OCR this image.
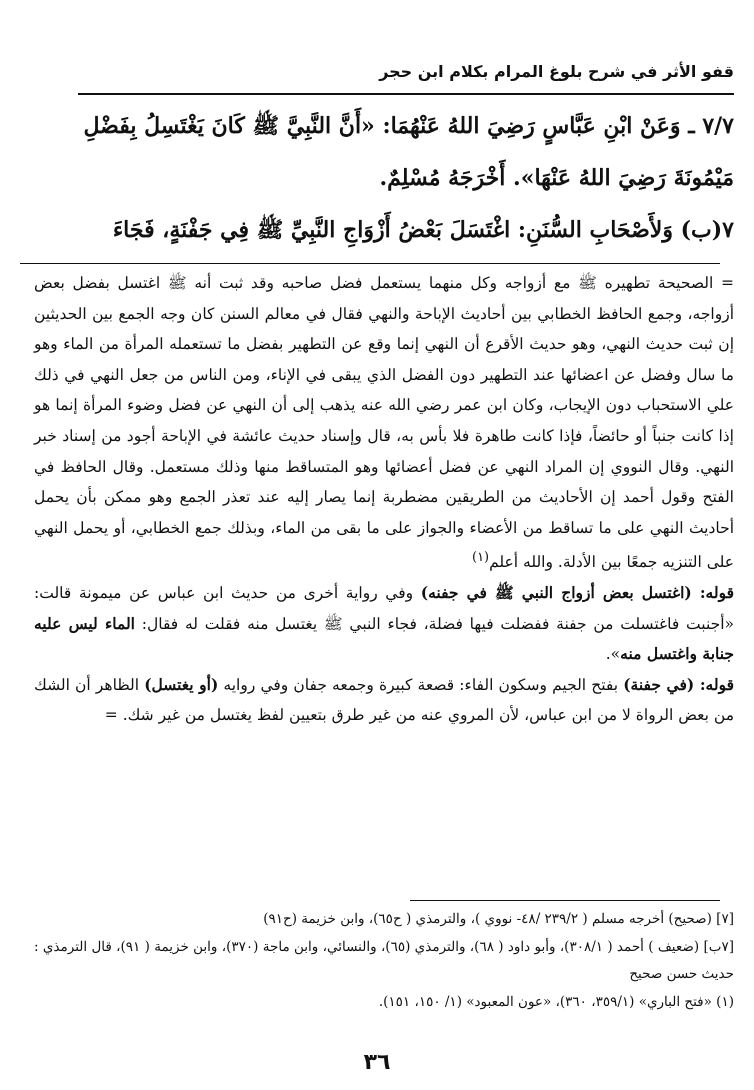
قفو الأثر في شرح بلوغ المرام بكلام ابن حجر

٧/٧ ـ وَعَنْ ابْنِ عَبَّاسٍ رَضِيَ اللهُ عَنْهُمَا: «أَنَّ النَّبِيَّ ﷺ كَانَ يَغْتَسِلُ بِفَضْلِ مَيْمُونَةَ رَضِيَ اللهُ عَنْهَا». أَخْرَجَهُ مُسْلِمٌ.

٧(ب) وَلأَصْحَابِ السُّنَنِ: اغْتَسَلَ بَعْضُ أَزْوَاجِ النَّبِيِّ ﷺ فِي جَفْنَةٍ، فَجَاءَ

= الصحيحة تطهيره ﷺ مع أزواجه وكل منهما يستعمل فضل صاحبه وقد ثبت أنه ﷺ اغتسل بفضل بعض أزواجه، وجمع الحافظ الخطابي بين أحاديث الإباحة والنهي فقال في معالم السنن كان وجه الجمع بين الحديثين إن ثبت حديث النهي، وهو حديث الأقرع أن النهي إنما وقع عن التطهير بفضل ما تستعمله المرأة من الماء وهو ما سال وفضل عن اعضائها عند التطهير دون الفضل الذي يبقى في الإناء، ومن الناس من جعل النهي في ذلك علي الاستحباب دون الإيجاب، وكان ابن عمر رضي الله عنه يذهب إلى أن النهي عن فضل وضوء المرأة إنما هو إذا كانت جنباً أو حائضاً، فإذا كانت طاهرة فلا بأس به، قال وإسناد حديث عائشة في الإباحة أجود من إسناد خبر النهي. وقال النووي إن المراد النهي عن فضل أعضائها وهو المتساقط منها وذلك مستعمل. وقال الحافظ في الفتح وقول أحمد إن الأحاديث من الطريقين مضطربة إنما يصار إليه عند تعذر الجمع وهو ممكن بأن يحمل أحاديث النهي على ما تساقط من الأعضاء والجواز على ما بقى من الماء، وبذلك جمع الخطابي، أو يحمل النهي على التنزيه جمعًا بين الأدلة. والله أعلم$^{(١)}$

قوله: (اغتسل بعض أزواج النبي ﷺ في جفنه) وفي رواية أخرى من حديث ابن عباس عن ميمونة قالت: «أجنبت فاغتسلت من جفنة ففضلت فيها فضلة، فجاء النبي ﷺ يغتسل منه فقلت له فقال: الماء ليس عليه جنابة واغتسل منه».

قوله: (في جفنة) بفتح الجيم وسكون الفاء: قصعة كبيرة وجمعه جفان وفي روايه (أو يغتسل) الظاهر أن الشك من بعض الرواة لا من ابن عباس، لأن المروي عنه من غير طرق بتعيين لفظ يغتسل من غير شك. =

[٧] (صحيح) أخرجه مسلم ( ٢٣٩/٢ /٤٨- نووي )، والترمذي ( ح٦٥)، وابن خزيمة (ح٩١)

[٧ب] (ضعيف ) أحمد ( ٣٠٨/١)، وأبو داود ( ٦٨)، والترمذي (٦٥)، والنسائي، وابن ماجة (٣٧٠)، وابن خزيمة ( ٩١)، قال الترمذي : حديث حسن صحيح

(١) «فتح الباري» (٣٥٩/١، ٣٦٠)، «عون المعبود» (١/ ١٥٠، ١٥١).

٣٦
